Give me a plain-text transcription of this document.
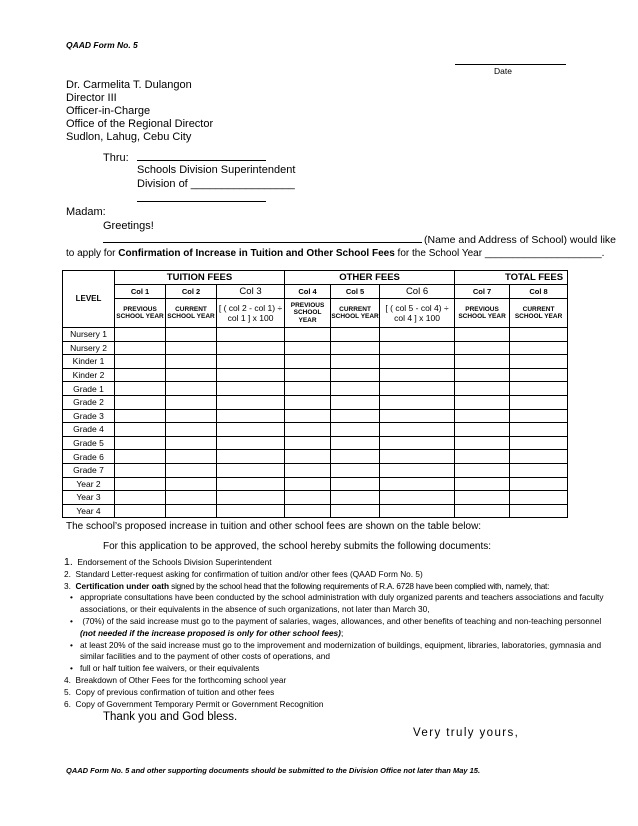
QAAD Form No. 5
Date
Dr. Carmelita T. Dulangon
Director III
Officer-in-Charge
Office of the Regional Director
Sudlon, Lahug, Cebu City
Thru:
Schools Division Superintendent
Division of _________________
Madam:
Greetings!
(Name and Address of School) would like
to apply for Confirmation of Increase in Tuition and Other School Fees for the School Year _____________________.
LEVEL	TUITION FEES			OTHER FEES			TOTAL FEES	
	Col 1	Col 2	Col 3	Col 4	Col 5	Col 6	Col 7	Col 8
	PREVIOUS SCHOOL YEAR	CURRENT SCHOOL YEAR	[ ( col 2 - col 1) ÷ col 1 ] x 100	PREVIOUS SCHOOL YEAR	CURRENT SCHOOL YEAR	[ ( col 5 - col 4) ÷ col 4 ] x 100	PREVIOUS SCHOOL YEAR	CURRENT SCHOOL YEAR
Nursery 1								
Nursery 2								
Kinder 1								
Kinder 2								
Grade 1								
Grade 2								
Grade 3								
Grade 4								
Grade 5								
Grade 6								
Grade 7								
Year 2								
Year 3								
Year 4								
The school’s proposed increase in tuition and other school fees are shown on the table below:
For this application to be approved, the school hereby submits the following documents:
1. Endorsement of the Schools Division Superintendent
2.  Standard Letter-request asking for confirmation of tuition and/or other fees (QAAD Form No. 5)
3.  Certification under oath signed by the school head that the following requirements of R.A. 6728 have been complied with, namely, that:
• appropriate consultations have been conducted by the school administration with duly organized parents and teachers associations and faculty
associations, or their equivalents in the absence of such organizations, not later than March 30,
• (70%) of the said increase must go to the payment of salaries, wages, allowances, and other benefits of teaching and non-teaching personnel
(not needed if the increase proposed is only for other school fees);
• at least 20% of the said increase must go to the improvement and modernization of buildings, equipment, libraries, laboratories, gymnasia and
similar facilities and to the payment of other costs of operations, and
• full or half tuition fee waivers, or their equivalents
4.  Breakdown of Other Fees for the forthcoming school year
5.  Copy of previous confirmation of tuition and other fees
6.  Copy of Government Temporary Permit or Government Recognition
Thank you and God bless.
Very truly yours,
QAAD Form No. 5 and other supporting documents should be submitted to the Division Office not later than May 15.
